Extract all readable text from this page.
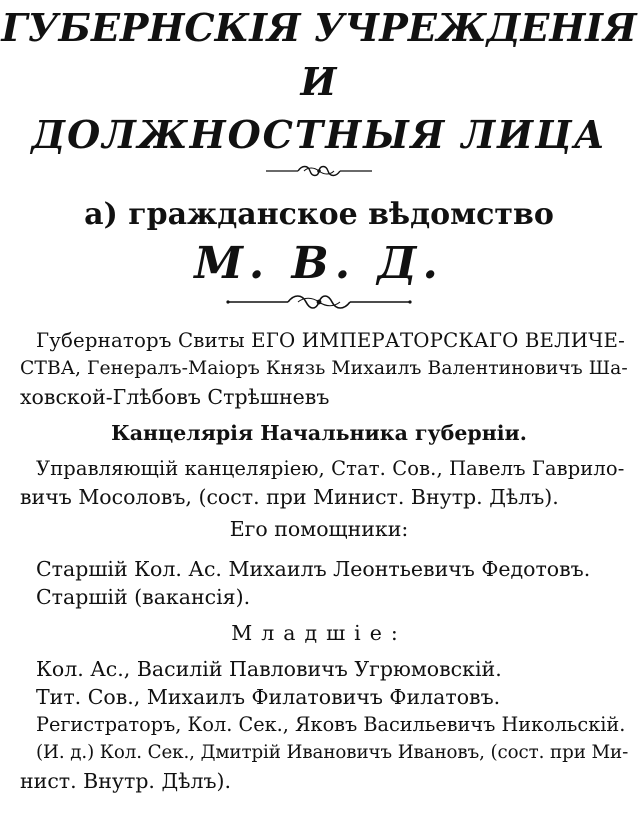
ГУБЕРНСКІЯ УЧРЕЖДЕНІЯ
И
ДОЛЖНОСТНЫЯ ЛИЦА
а) гражданское вѣдомство
М. В. Д.
Губернаторъ Свиты ЕГО ИМПЕРАТОРСКАГО ВЕЛИЧЕ-
СТВА, Генералъ-Маіоръ Князь Михаилъ Валентиновичъ Ша-
ховской-Глѣбовъ Стрѣшневъ
Канцелярія Начальника губерніи.
Управляющій канцеляріею, Стат. Сов., Павелъ Гаврило-
вичъ Мосоловъ, (сост. при Минист. Внутр. Дѣлъ).
Его помощники:
Старшій Кол. Ас. Михаилъ Леонтьевичъ Федотовъ.
Старшій (вакансія).
Младшіе:
Кол. Ас., Василій Павловичъ Угрюмовскій.
Тит. Сов., Михаилъ Филатовичъ Филатовъ.
Регистраторъ, Кол. Сек., Яковъ Васильевичъ Никольскій.
(И. д.) Кол. Сек., Дмитрій Ивановичъ Ивановъ, (сост. при Ми-
нист. Внутр. Дѣлъ).
